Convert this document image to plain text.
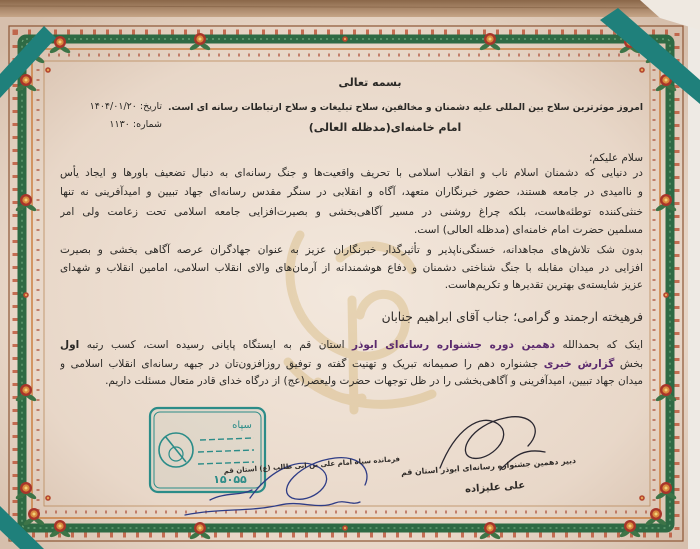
سپاه
۱۵۰۵۵
بسمه تعالی
تاریخ: ۱۴۰۴/۰۱/۲۰
شماره: ۱۱۳۰
امروز موثرترین سلاح بین المللی علیه دشمنان و مخالفین، سلاح تبلیغات و سلاح ارتباطات رسانه ای است.
امام خامنه‌ای(مدظله العالی)
سلام علیکم؛
در دنیایی که دشمنان اسلام ناب و انقلاب اسلامی با تحریف واقعیت‌ها و جنگ رسانه‌ای به دنبال تضعیف باورها و ایجاد یأس
و ناامیدی در جامعه هستند، حضور خبرنگاران متعهد، آگاه و انقلابی در سنگر مقدس رسانه‌ای جهاد تبیین و امیدآفرینی نه تنها
خنثی‌کننده توطئه‌هاست، بلکه چراغ روشنی در مسیر آگاهی‌بخشی و بصیرت‌افزایی جامعه اسلامی تحت زعامت ولی امر
مسلمین حضرت امام خامنه‌ای (مدظله العالی) است.
بدون شک تلاش‌های مجاهدانه، خستگی‌ناپذیر و تأثیرگذار خبرنگاران عزیز به عنوان جهادگران عرصه آگاهی بخشی و بصیرت
افزایی در میدان مقابله با جنگ شناختی دشمنان و دفاع هوشمندانه از آرمان‌های والای انقلاب اسلامی، امامین انقلاب و شهدای
عزیز شایسته‌ی بهترین تقدیرها و تکریم‌هاست.
فرهیخته ارجمند و گرامی؛ جناب آقای ابراهیم جنابان
اینک که بحمدالله دهمین دوره جشنواره رسانه‌ای ابوذر استان قم به ایستگاه پایانی رسیده است، کسب رتبه اول
بخش گزارش خبری جشنواره دهم را صمیمانه تبریک و تهنیت گفته و توفیق روزافزون‌تان در جبهه رسانه‌ای انقلاب اسلامی و
میدان جهاد تبیین، امیدآفرینی و آگاهی‌بخشی را در ظل توجهات حضرت ولیعصر(عج) از درگاه خدای قادر متعال مسئلت داریم.
دبیر دهمین جشنواره رسانه‌ای ابوذر استان قم
علی علیزاده
فرمانده سپاه امام علی بن ابی طالب (ع) استان قم
